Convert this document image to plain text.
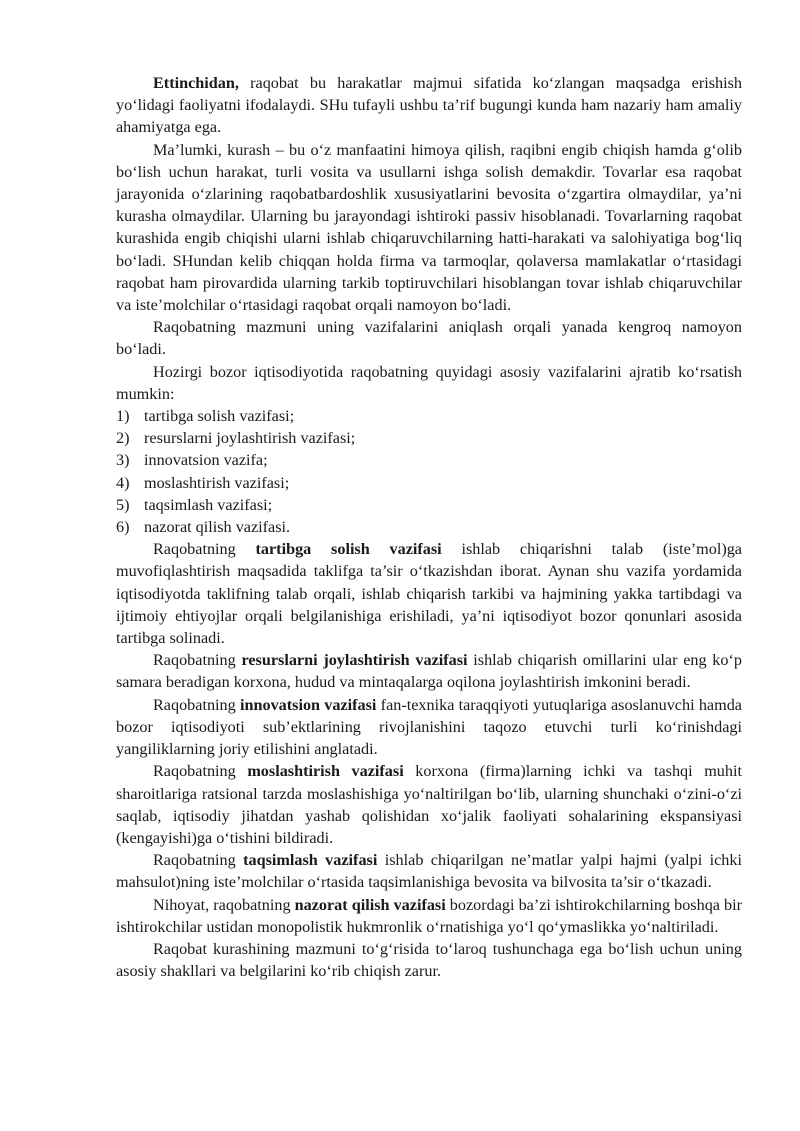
Ettinchidan, raqobat bu harakatlar majmui sifatida ko‘zlangan maqsadga erishish yo‘lidagi faoliyatni ifodalaydi. SHu tufayli ushbu ta’rif bugungi kunda ham nazariy ham amaliy ahamiyatga ega.

Ma’lumki, kurash – bu o‘z manfaatini himoya qilish, raqibni engib chiqish hamda g‘olib bo‘lish uchun harakat, turli vosita va usullarni ishga solish demakdir. Tovarlar esa raqobat jarayonida o‘zlarining raqobatbardoshlik xususiyatlarini bevosita o‘zgartira olmaydilar, ya’ni kurasha olmaydilar. Ularning bu jarayondagi ishtiroki passiv hisoblanadi. Tovarlarning raqobat kurashida engib chiqishi ularni ishlab chiqaruvchilarning hatti-harakati va salohiyatiga bog‘liq bo‘ladi. SHundan kelib chiqqan holda firma va tarmoqlar, qolaversa mamlakatlar o‘rtasidagi raqobat ham pirovardida ularning tarkib toptiruvchilari hisoblangan tovar ishlab chiqaruvchilar va iste’molchilar o‘rtasidagi raqobat orqali namoyon bo‘ladi.

Raqobatning mazmuni uning vazifalarini aniqlash orqali yanada kengroq namoyon bo‘ladi.

Hozirgi bozor iqtisodiyotida raqobatning quyidagi asosiy vazifalarini ajratib ko‘rsatish mumkin:

1) tartibga solish vazifasi;
2) resurslarni joylashtirish vazifasi;
3) innovatsion vazifa;
4) moslashtirish vazifasi;
5) taqsimlash vazifasi;
6) nazorat qilish vazifasi.

Raqobatning tartibga solish vazifasi ishlab chiqarishni talab (iste’mol)ga muvofiqlashtirish maqsadida taklifga ta’sir o‘tkazishdan iborat. Aynan shu vazifa yordamida iqtisodiyotda taklifning talab orqali, ishlab chiqarish tarkibi va hajmining yakka tartibdagi va ijtimoiy ehtiyojlar orqali belgilanishiga erishiladi, ya’ni iqtisodiyot bozor qonunlari asosida tartibga solinadi.

Raqobatning resurslarni joylashtirish vazifasi ishlab chiqarish omillarini ular eng ko‘p samara beradigan korxona, hudud va mintaqalarga oqilona joylashtirish imkonini beradi.

Raqobatning innovatsion vazifasi fan-texnika taraqqiyoti yutuqlariga asoslanuvchi hamda bozor iqtisodiyoti sub’ektlarining rivojlanishini taqozo etuvchi turli ko‘rinishdagi yangiliklarning joriy etilishini anglatadi.

Raqobatning moslashtirish vazifasi korxona (firma)larning ichki va tashqi muhit sharoitlariga ratsional tarzda moslashishiga yo‘naltirilgan bo‘lib, ularning shunchaki o‘zini-o‘zi saqlab, iqtisodiy jihatdan yashab qolishidan xo‘jalik faoliyati sohalarining ekspansiyasi (kengayishi)ga o‘tishini bildiradi.

Raqobatning taqsimlash vazifasi ishlab chiqarilgan ne’matlar yalpi hajmi (yalpi ichki mahsulot)ning iste’molchilar o‘rtasida taqsimlanishiga bevosita va bilvosita ta’sir o‘tkazadi.

Nihoyat, raqobatning nazorat qilish vazifasi bozordagi ba’zi ishtirokchilarning boshqa bir ishtirokchilar ustidan monopolistik hukmronlik o‘rnatishiga yo‘l qo‘ymaslikka yo‘naltiriladi.

Raqobat kurashining mazmuni to‘g‘risida to‘laroq tushunchaga ega bo‘lish uchun uning asosiy shakllari va belgilarini ko‘rib chiqish zarur.
